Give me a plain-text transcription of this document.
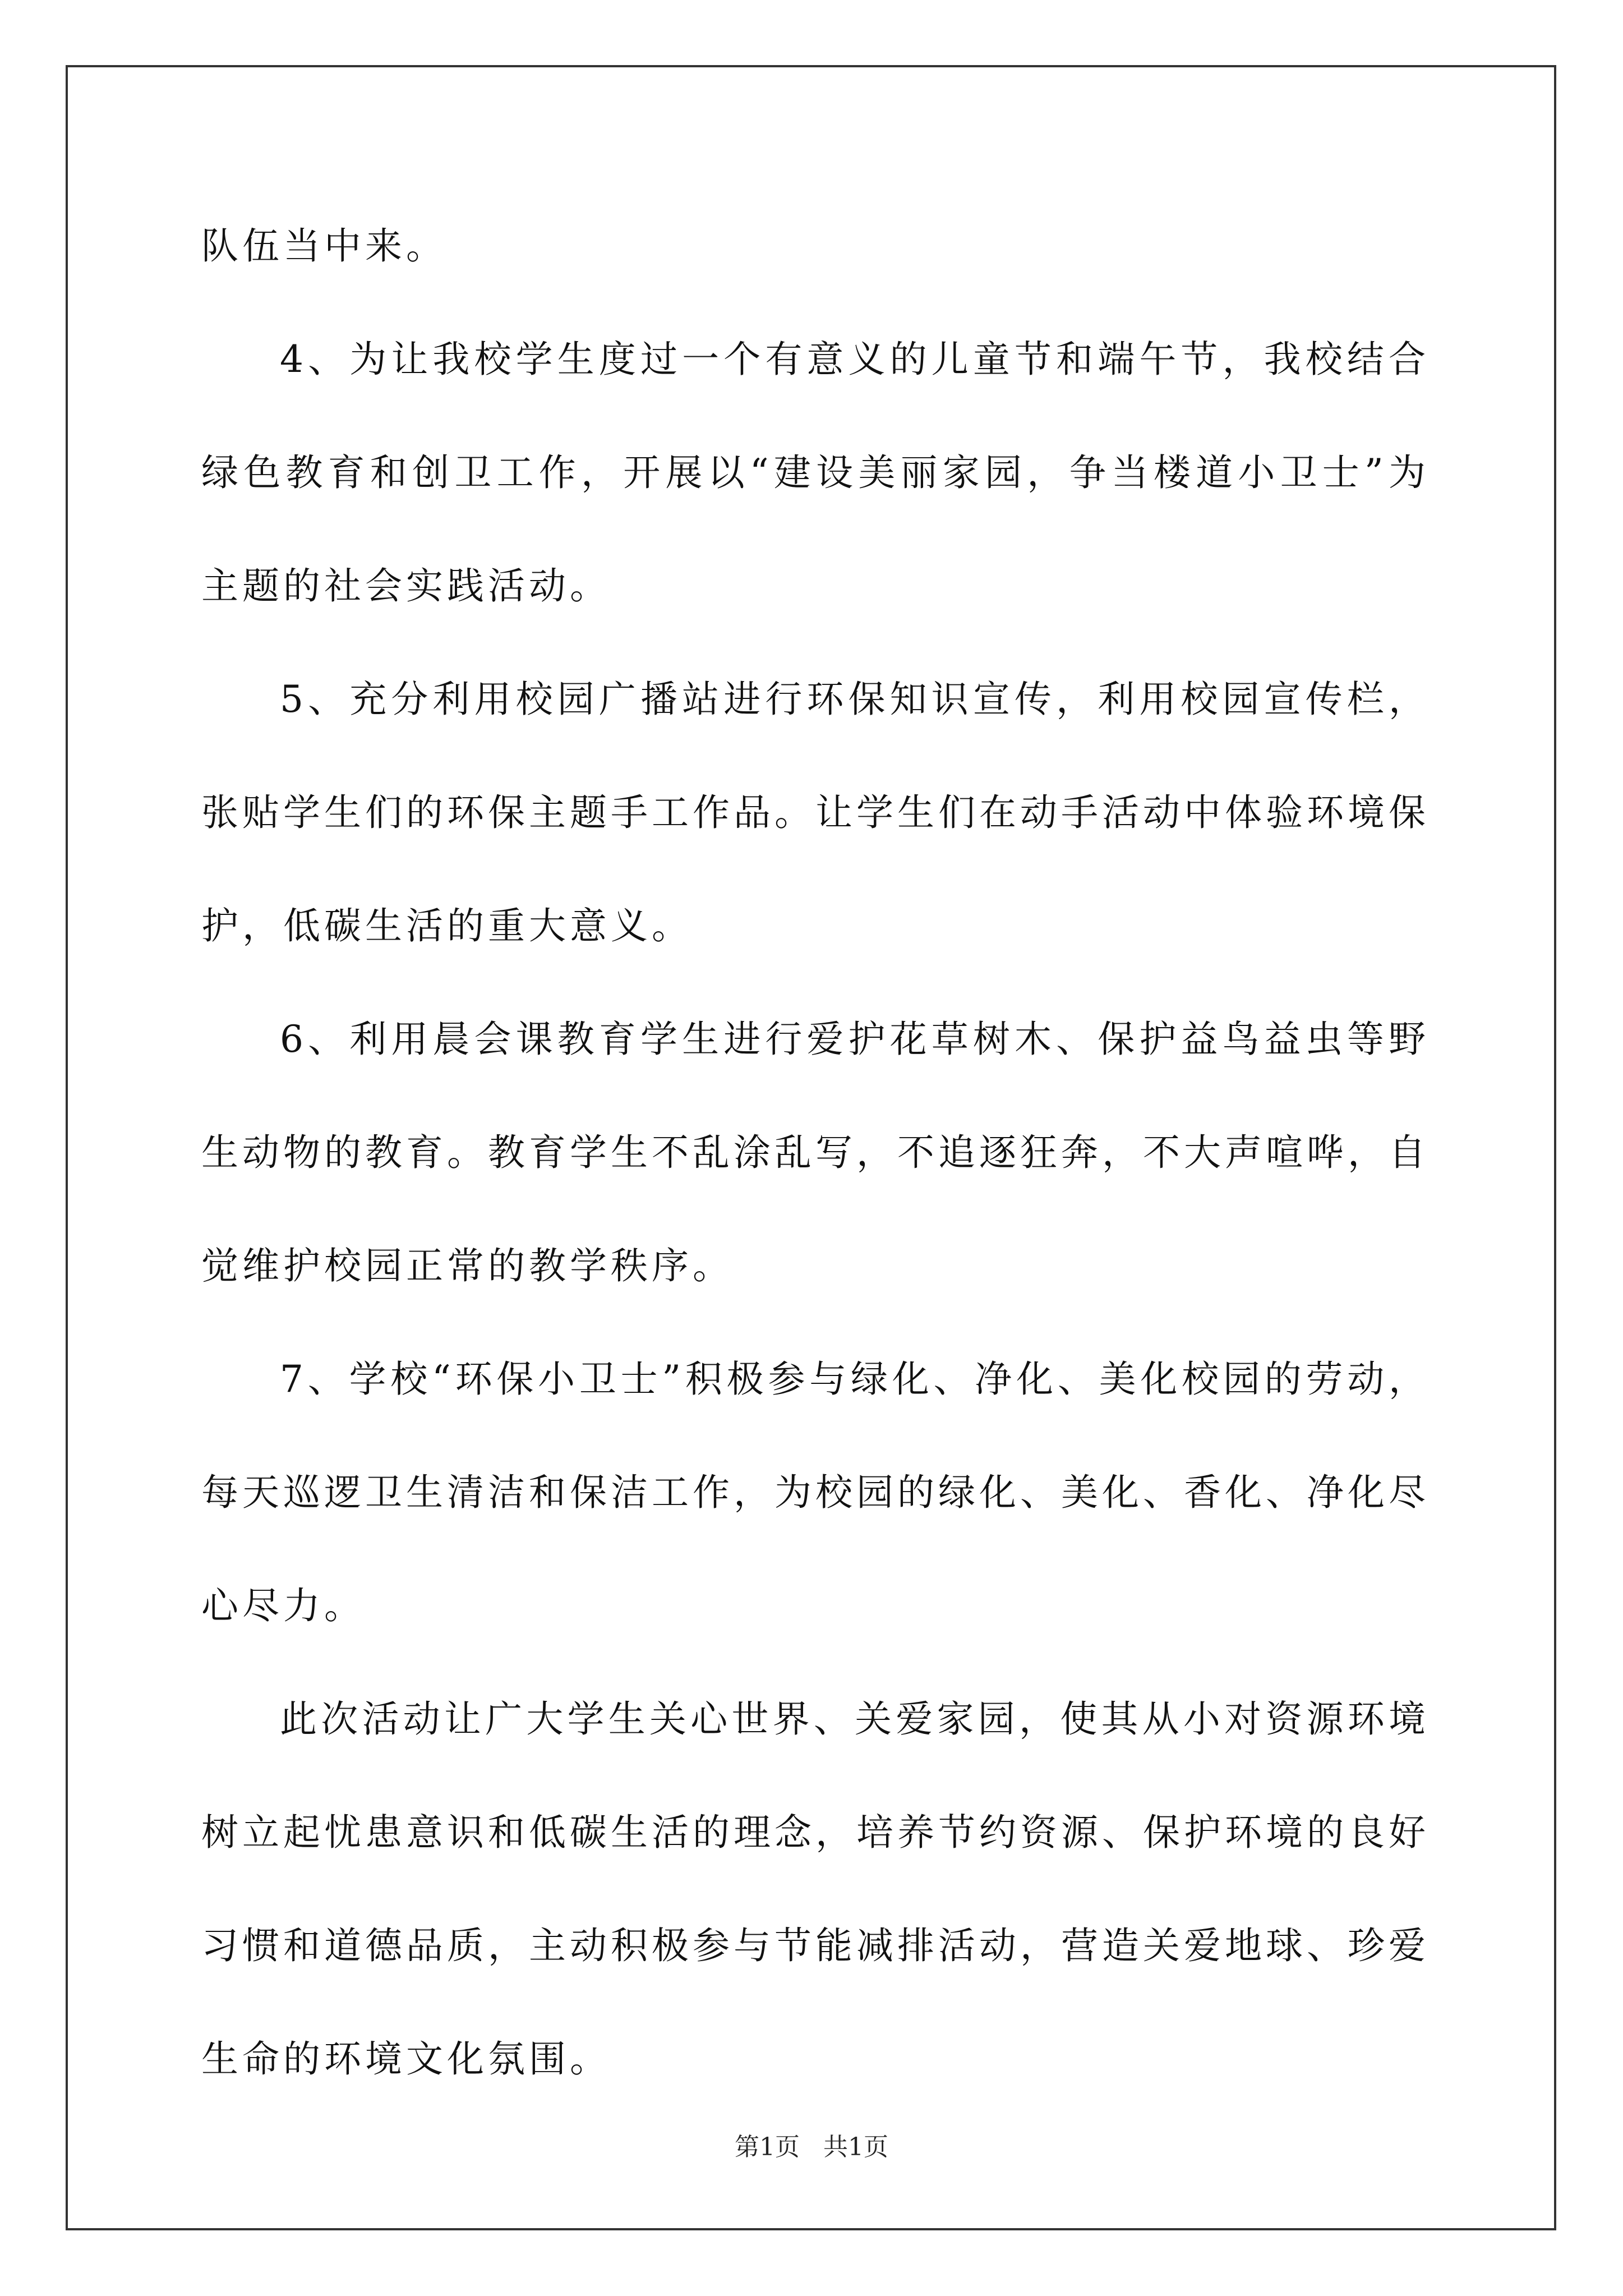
队伍当中来。

4、为让我校学生度过一个有意义的儿童节和端午节，我校结合绿色教育和创卫工作，开展以“建设美丽家园，争当楼道小卫士”为主题的社会实践活动。

5、充分利用校园广播站进行环保知识宣传，利用校园宣传栏，张贴学生们的环保主题手工作品。让学生们在动手活动中体验环境保护，低碳生活的重大意义。

6、利用晨会课教育学生进行爱护花草树木、保护益鸟益虫等野生动物的教育。教育学生不乱涂乱写，不追逐狂奔，不大声喧哗，自觉维护校园正常的教学秩序。

7、学校“环保小卫士”积极参与绿化、净化、美化校园的劳动，每天巡逻卫生清洁和保洁工作，为校园的绿化、美化、香化、净化尽心尽力。

此次活动让广大学生关心世界、关爱家园，使其从小对资源环境树立起忧患意识和低碳生活的理念，培养节约资源、保护环境的良好习惯和道德品质，主动积极参与节能减排活动，营造关爱地球、珍爱生命的环境文化氛围。

第1页   共1页
